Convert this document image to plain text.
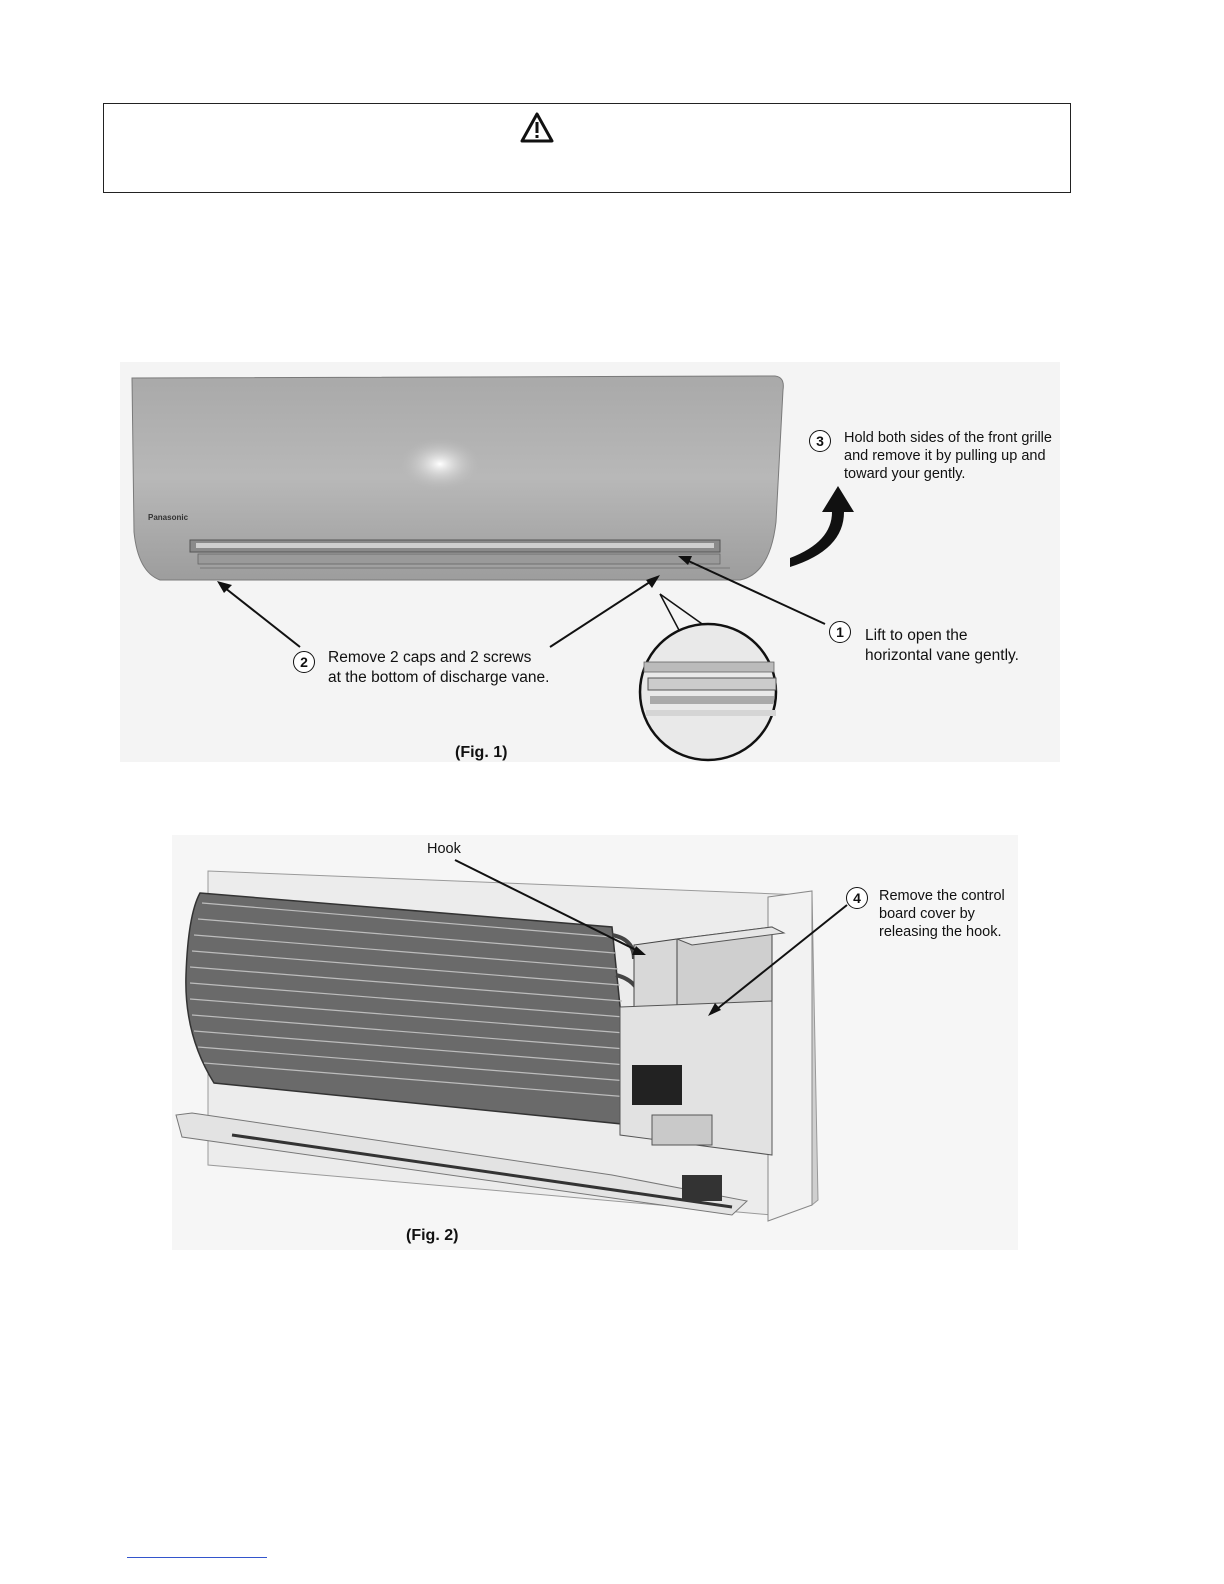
1	Lift to open the
horizontal vane gently.
2	Remove 2 caps and 2 screws
at the bottom of discharge vane.
3	Hold both sides of the front grille
and remove it by pulling up and
toward your gently.
Panasonic
(Fig. 1)
Hook
4	Remove the control
board cover by
releasing the hook.
(Fig. 2)
